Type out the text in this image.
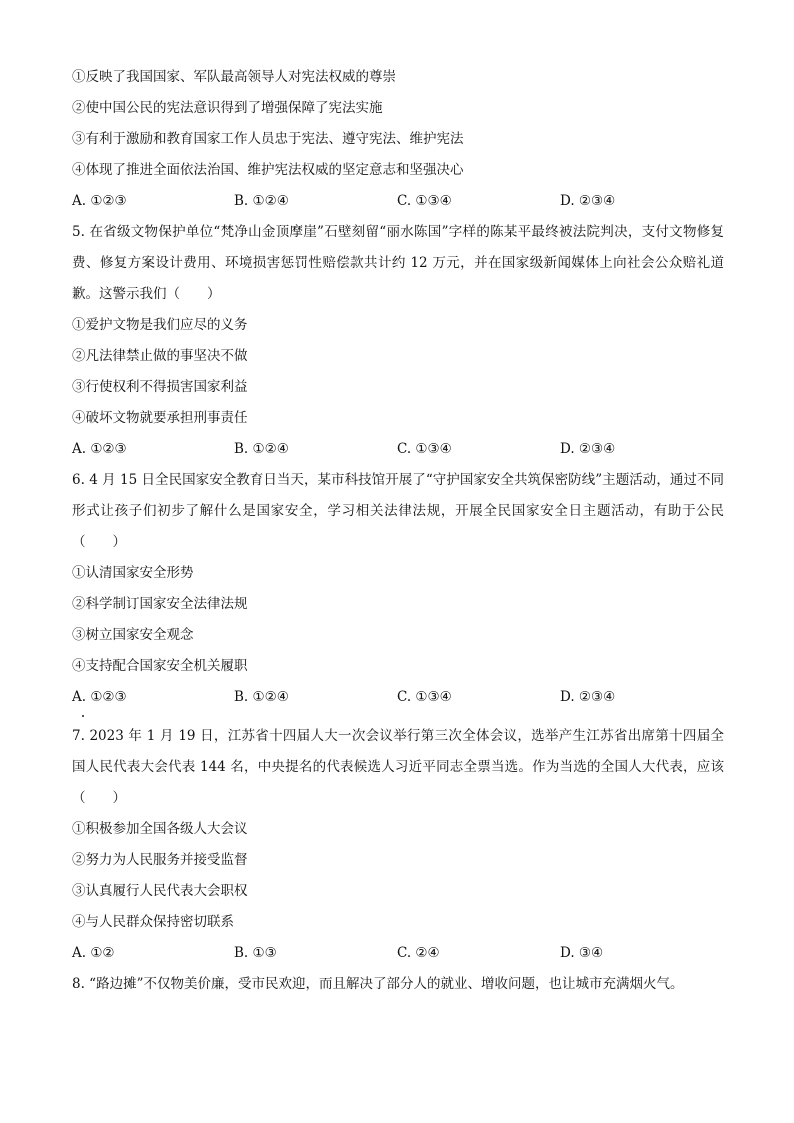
①反映了我国国家、军队最高领导人对宪法权威的尊崇
②使中国公民的宪法意识得到了增强保障了宪法实施
③有利于激励和教育国家工作人员忠于宪法、遵守宪法、维护宪法
④体现了推进全面依法治国、维护宪法权威的坚定意志和坚强决心
A. ①②③	B. ①②④	C. ①③④	D. ②③④
5. 在省级文物保护单位“梵净山金顶摩崖”石壁刻留“丽水陈国”字样的陈某平最终被法院判决，支付文物修复费、修复方案设计费用、环境损害惩罚性赔偿款共计约 12 万元，并在国家级新闻媒体上向社会公众赔礼道歉。这警示我们（　　）
①爱护文物是我们应尽的义务
②凡法律禁止做的事坚决不做
③行使权利不得损害国家利益
④破坏文物就要承担刑事责任
A. ①②③	B. ①②④	C. ①③④	D. ②③④
6. 4 月 15 日全民国家安全教育日当天，某市科技馆开展了“守护国家安全共筑保密防线”主题活动，通过不同形式让孩子们初步了解什么是国家安全，学习相关法律法规，开展全民国家安全日主题活动，有助于公民（　　）
①认清国家安全形势
②科学制订国家安全法律法规
③树立国家安全观念
④支持配合国家安全机关履职
A. ①②③	B. ①②④	C. ①③④	D. ②③④
7. 2023 年 1 月 19 日，江苏省十四届人大一次会议举行第三次全体会议，选举产生江苏省出席第十四届全国人民代表大会代表 144 名，中央提名的代表候选人习近平同志全票当选。作为当选的全国人大代表，应该（　　）
①积极参加全国各级人大会议
②努力为人民服务并接受监督
③认真履行人民代表大会职权
④与人民群众保持密切联系
A. ①②	B. ①③	C. ②④	D. ③④
8. “路边摊”不仅物美价廉，受市民欢迎，而且解决了部分人的就业、增收问题，也让城市充满烟火气。
